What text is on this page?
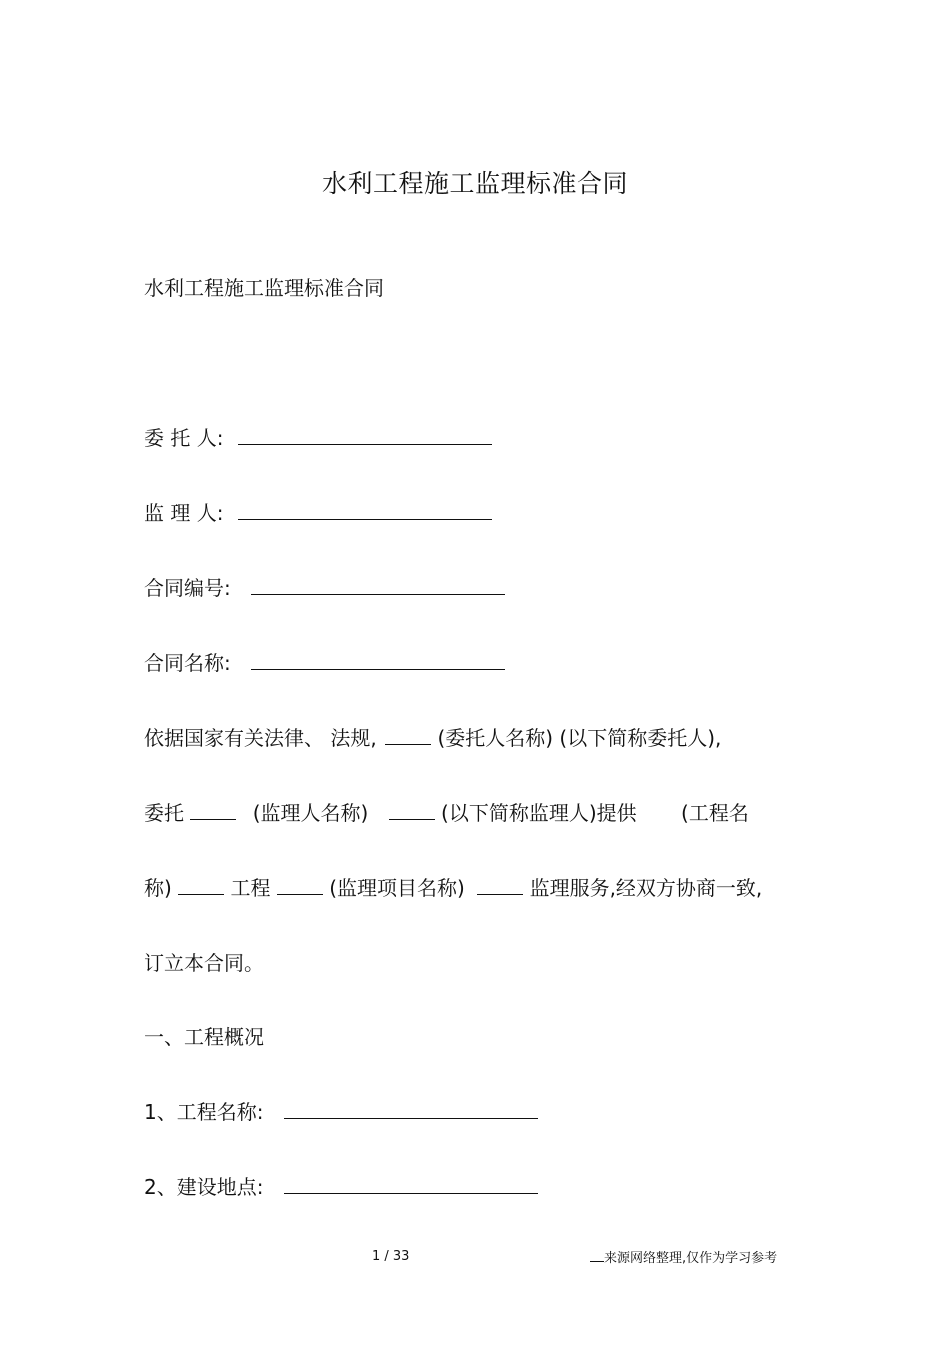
水利工程施工监理标准合同
水利工程施工监理标准合同
委 托 人:
监 理 人:
合同编号:
合同名称:
依据国家有关法律、 法规,	(委托人名称) (以下简称委托人),
委托	(监理人名称)	(以下简称监理人)提供 (工程名
称)	工程	(监理项目名称)	监理服务,经双方协商一致,
订立本合同。
一、工程概况
1、工程名称:
2、建设地点:
1 / 33	来源网络整理,仅作为学习参考
